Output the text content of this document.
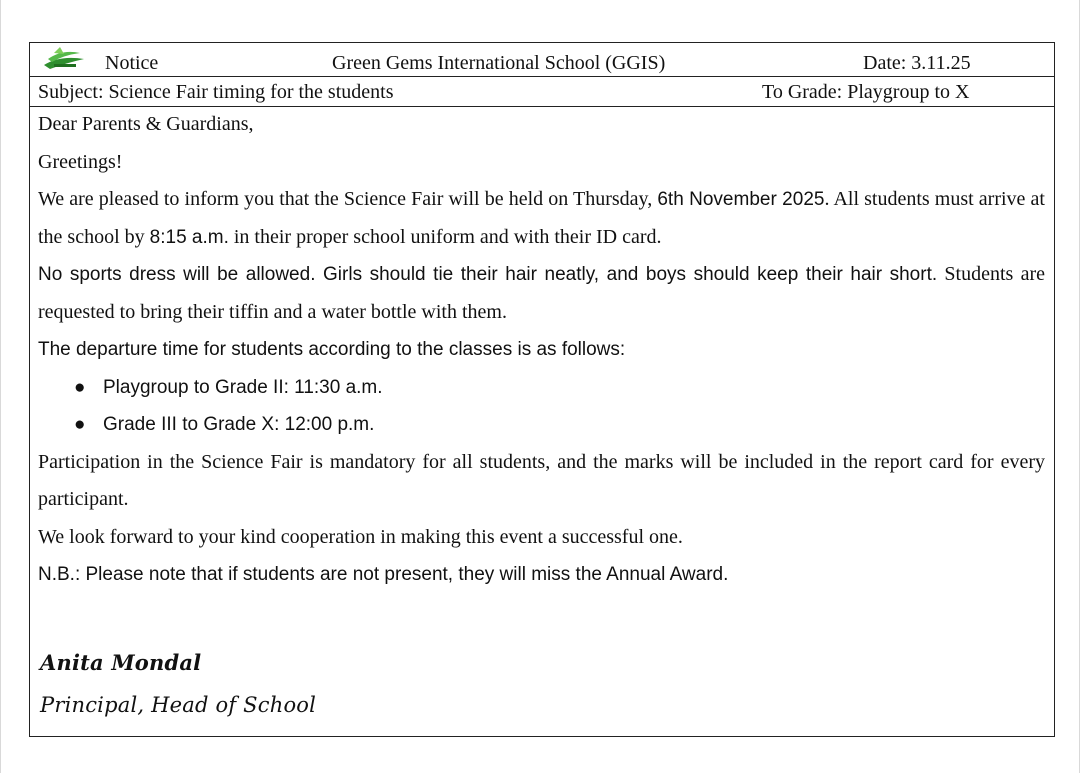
Notice	Green Gems International School (GGIS)	Date: 3.11.25
Subject: Science Fair timing for the students	To Grade: Playgroup to X

Dear Parents & Guardians,

Greetings!

We are pleased to inform you that the Science Fair will be held on Thursday, 6th November 2025. All students must arrive at the school by 8:15 a.m. in their proper school uniform and with their ID card.

No sports dress will be allowed. Girls should tie their hair neatly, and boys should keep their hair short. Students are requested to bring their tiffin and a water bottle with them.

The departure time for students according to the classes is as follows:

● Playgroup to Grade II: 11:30 a.m.
● Grade III to Grade X: 12:00 p.m.

Participation in the Science Fair is mandatory for all students, and the marks will be included in the report card for every participant.

We look forward to your kind cooperation in making this event a successful one.

N.B.: Please note that if students are not present, they will miss the Annual Award.

Anita Mondal
Principal, Head of School
